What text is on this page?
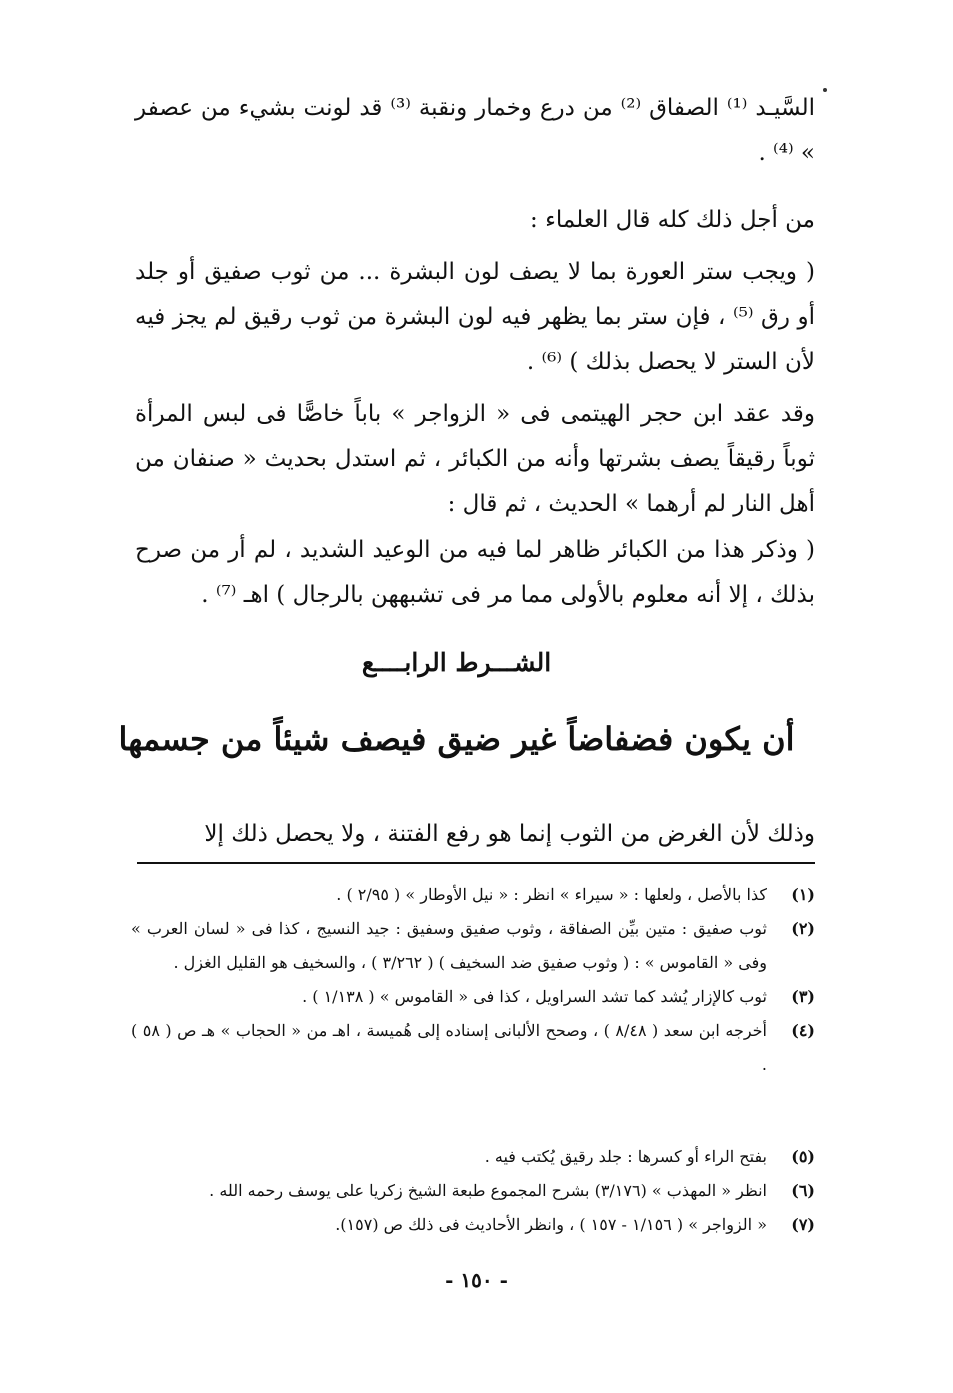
السَّيـد ⁽¹⁾ الصفاق ⁽²⁾ من درع وخمار ونقبة ⁽³⁾ قد لونت بشيء من عصفر » ⁽⁴⁾ .
من أجل ذلك كله قال العلماء :
( ويجب ستر العورة بما لا يصف لون البشرة ... من ثوب صفيق أو جلد أو رق ⁽⁵⁾ ، فإن ستر بما يظهر فيه لون البشرة من ثوب رقيق لم يجز فيه لأن الستر لا يحصل بذلك ) ⁽⁶⁾ .
وقد عقد ابن حجر الهيتمى فى « الزواجر » باباً خاصًّا فى لبس المرأة ثوباً رقيقاً يصف بشرتها وأنه من الكبائر ، ثم استدل بحديث « صنفان من أهل النار لم أرهما » الحديث ، ثم قال :
( وذكر هذا من الكبائر ظاهر لما فيه من الوعيد الشديد ، لم أر من صرح بذلك ، إلا أنه معلوم بالأولى مما مر فى تشبههن بالرجال ) اهـ ⁽⁷⁾ .
الشـــرط الرابــــع
أن يكون فضفاضاً غير ضيق فيصف شيئاً من جسمها
وذلك لأن الغرض من الثوب إنما هو رفع الفتنة ، ولا يحصل ذلك إلا
(١)
كذا بالأصل ، ولعلها : « سيراء » انظر : « نيل الأوطار » ( ٢/٩٥ ) .
(٢)
ثوب صفيق : متين بيِّن الصفاقة ، وثوب صفيق وسفيق : جيد النسيج ، كذا فى « لسان العرب » وفى « القاموس » : ( وثوب صفيق ضد السخيف ) ( ٣/٢٦٢ ) ، والسخيف هو القليل الغزل .
(٣)
ثوب كالإزار يُشد كما تشد السراويل ، كذا فى « القاموس » ( ١/١٣٨ ) .
(٤)
أخرجه ابن سعد ( ٨/٤٨ ) ، وصحح الألبانى إسناده إلى هُميسة ، اهـ من « الحجاب » هـ ص ( ٥٨ ) .
(٥)
بفتح الراء أو كسرها : جلد رقيق يُكتب فيه .
(٦)
انظر « المهذب » (٣/١٧٦) بشرح المجموع طبعة الشيخ زكريا على يوسف رحمه الله .
(٧)
« الزواجر » ( ١/١٥٦ - ١٥٧ ) ، وانظر الأحاديث فى ذلك ص (١٥٧).
- ١٥٠ -
